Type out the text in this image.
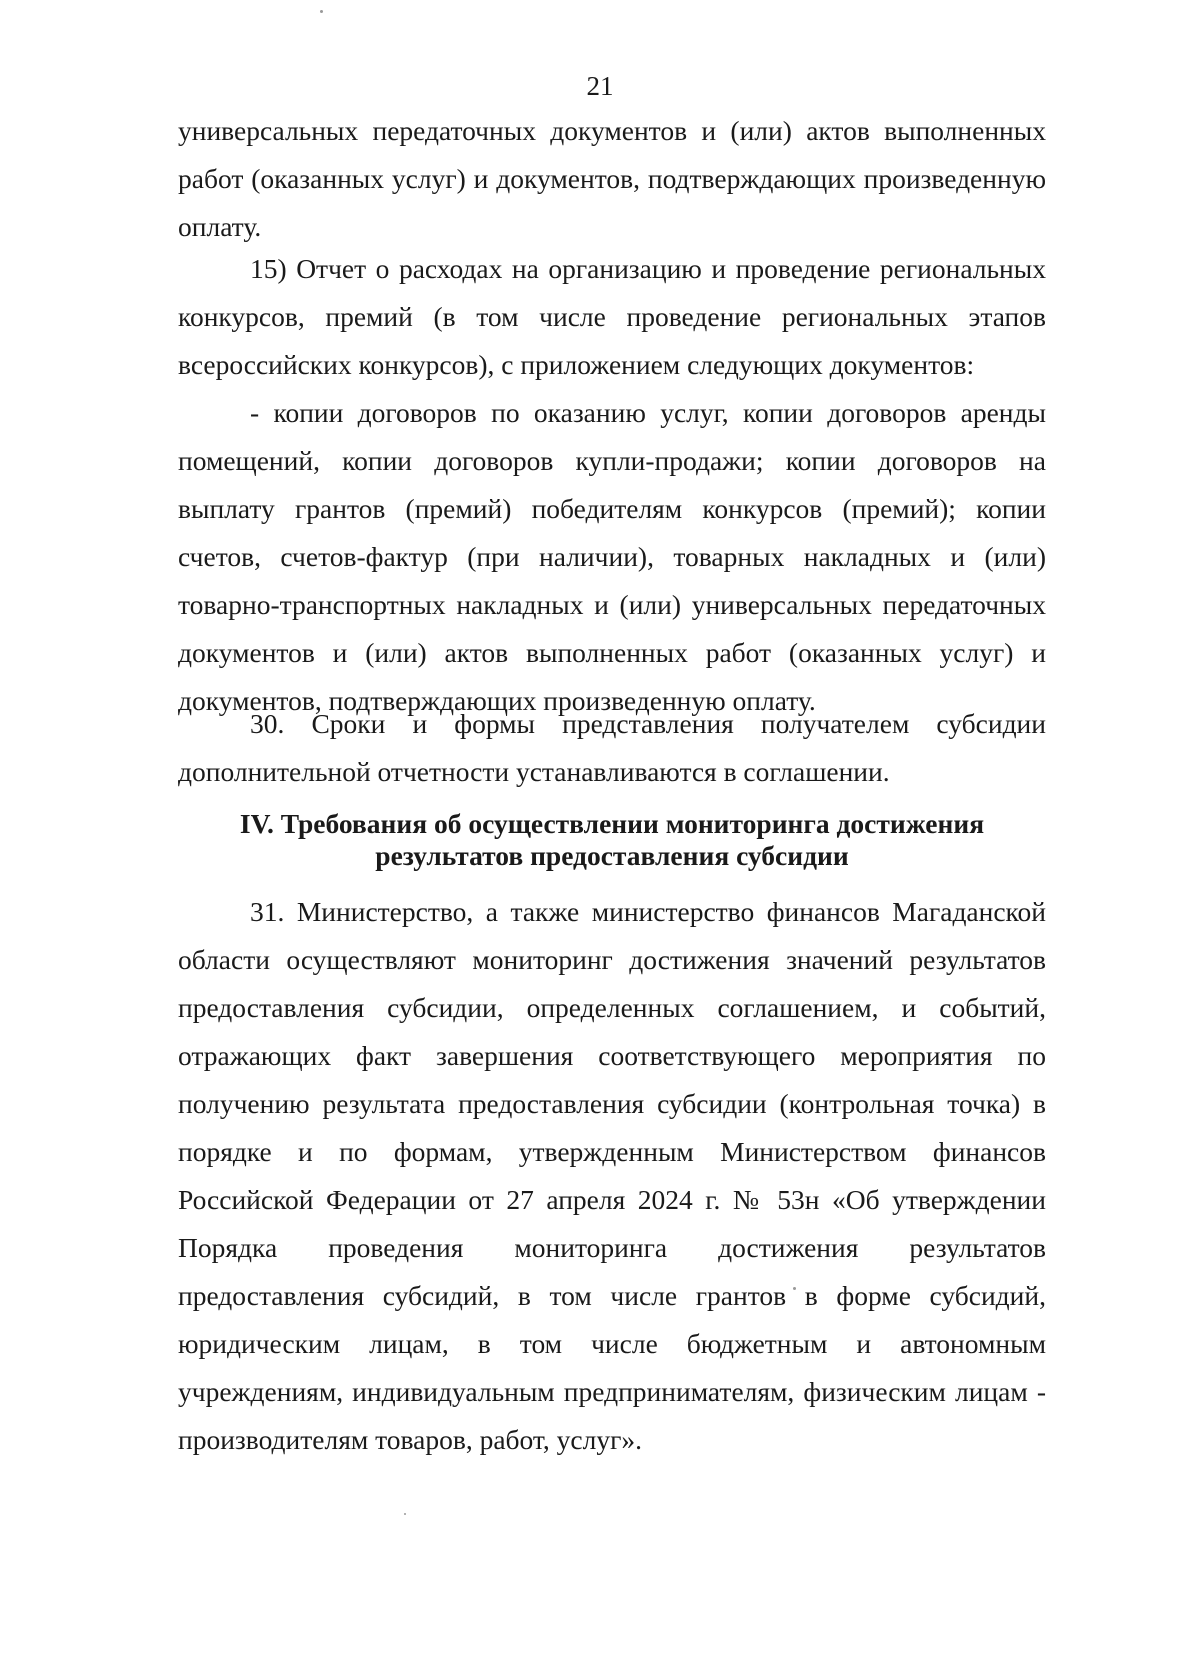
21

универсальных передаточных документов и (или) актов выполненных работ (оказанных услуг) и документов, подтверждающих произведенную оплату.

15) Отчет о расходах на организацию и проведение региональных конкурсов, премий (в том числе проведение региональных этапов всероссийских конкурсов), с приложением следующих документов:

- копии договоров по оказанию услуг, копии договоров аренды помещений, копии договоров купли-продажи; копии договоров на выплату грантов (премий) победителям конкурсов (премий); копии счетов, счетов-фактур (при наличии), товарных накладных и (или) товарно-транспортных накладных и (или) универсальных передаточных документов и (или) актов выполненных работ (оказанных услуг) и документов, подтверждающих произведенную оплату.

30. Сроки и формы представления получателем субсидии дополнительной отчетности устанавливаются в соглашении.

IV. Требования об осуществлении мониторинга достижения
результатов предоставления субсидии

31. Министерство, а также министерство финансов Магаданской области осуществляют мониторинг достижения значений результатов предоставления субсидии, определенных соглашением, и событий, отражающих факт завершения соответствующего мероприятия по получению результата предоставления субсидии (контрольная точка) в порядке и по формам, утвержденным Министерством финансов Российской Федерации от 27 апреля 2024 г. № 53н «Об утверждении Порядка проведения мониторинга достижения результатов предоставления субсидий, в том числе грантов в форме субсидий, юридическим лицам, в том числе бюджетным и автономным учреждениям, индивидуальным предпринимателям, физическим лицам - производителям товаров, работ, услуг».
